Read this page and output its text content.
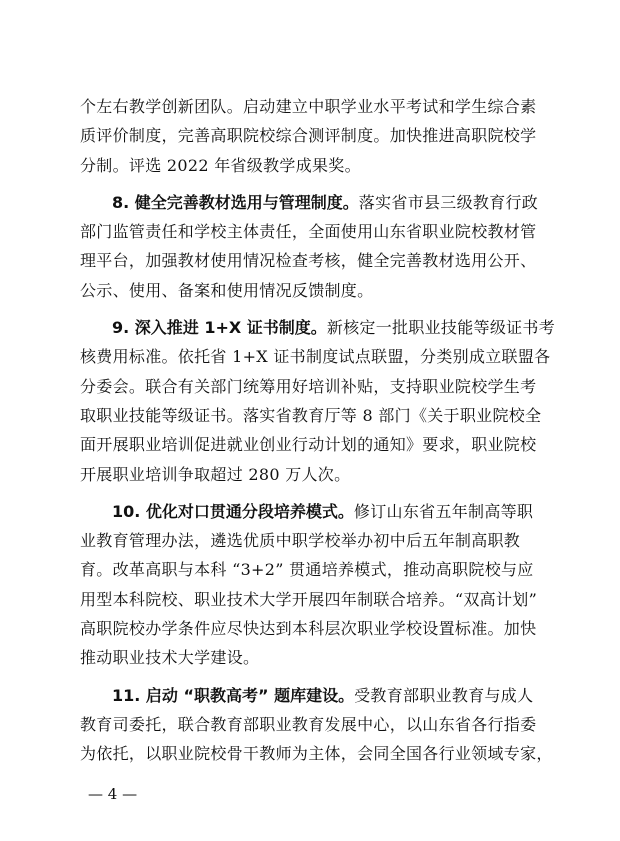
个左右教学创新团队。启动建立中职学业水平考试和学生综合素
质评价制度，完善高职院校综合测评制度。加快推进高职院校学
分制。评选 2022 年省级教学成果奖。
8. 健全完善教材选用与管理制度。落实省市县三级教育行政
部门监管责任和学校主体责任，全面使用山东省职业院校教材管
理平台，加强教材使用情况检查考核，健全完善教材选用公开、
公示、使用、备案和使用情况反馈制度。
9. 深入推进 1+X 证书制度。新核定一批职业技能等级证书考
核费用标准。依托省 1+X 证书制度试点联盟，分类别成立联盟各
分委会。联合有关部门统筹用好培训补贴，支持职业院校学生考
取职业技能等级证书。落实省教育厅等 8 部门《关于职业院校全
面开展职业培训促进就业创业行动计划的通知》要求，职业院校
开展职业培训争取超过 280 万人次。
10. 优化对口贯通分段培养模式。修订山东省五年制高等职
业教育管理办法，遴选优质中职学校举办初中后五年制高职教
育。改革高职与本科 “3+2” 贯通培养模式，推动高职院校与应
用型本科院校、职业技术大学开展四年制联合培养。“双高计划”
高职院校办学条件应尽快达到本科层次职业学校设置标准。加快
推动职业技术大学建设。
11. 启动 “职教高考” 题库建设。受教育部职业教育与成人
教育司委托，联合教育部职业教育发展中心，以山东省各行指委
为依托，以职业院校骨干教师为主体，会同全国各行业领域专家，
— 4 —
